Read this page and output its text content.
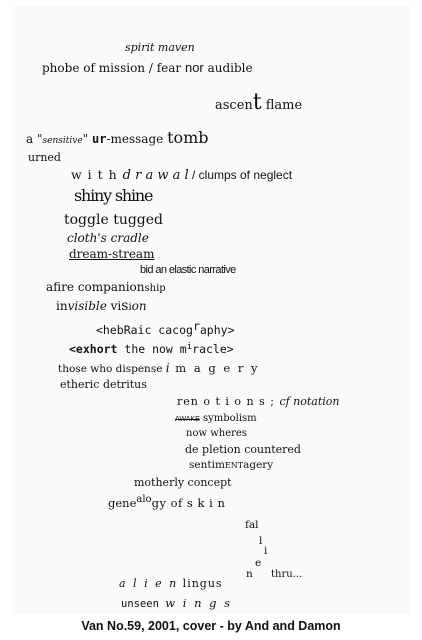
spirit maven
phobe of mission / fear nor audible
ascent flame
a "sensitive" ur-message tomb
urned
w i t h d r a w a l / clumps of neglect
shiny shine
toggle tugged
cloth's cradle
dream-stream
bid an elastic narrative
afire companionship
invisible vision
<hebRaic cacography>
<exhort the now $m^iracle>$
those who dispense i m a g e r y
etheric detritus
ren o t i o n s ; cf notation
AWAKE symbolism
now wheres
de pletion countered
sentimENTagery
motherly concept
genealogy of s k i n
fal
l
i
e
n thru...
a l i e n lingus
unseen w i n g s
Van No.59, 2001, cover - by And and Damon
